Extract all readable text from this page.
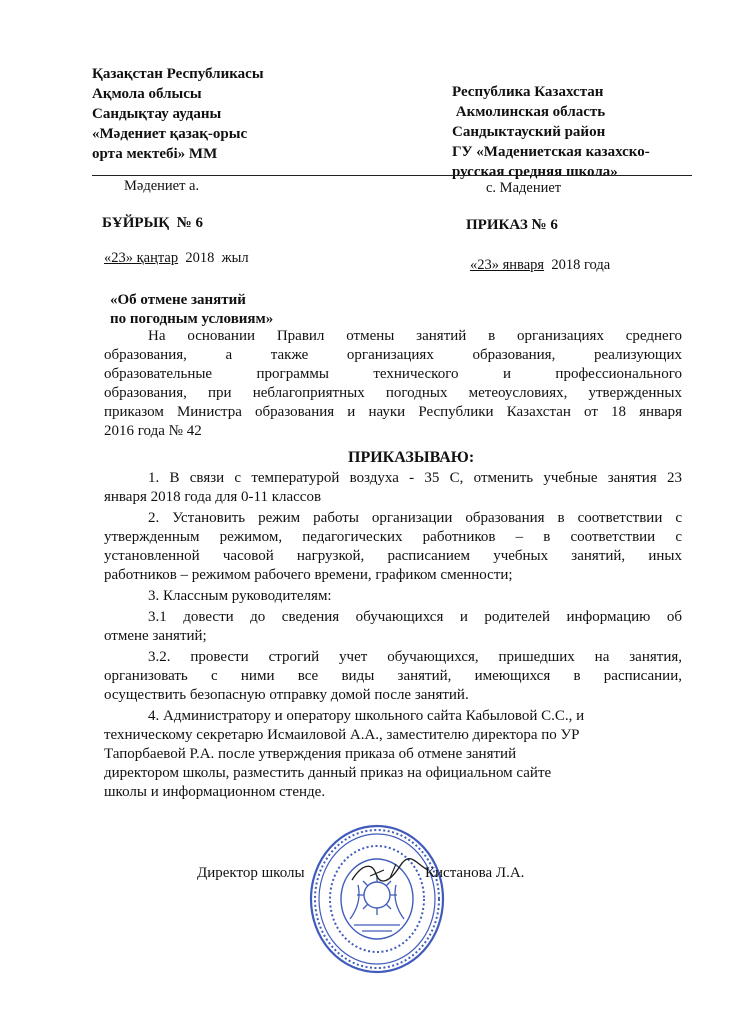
Қазақстан Республикасы
Ақмола облысы
Сандықтау ауданы
«Мәдениет қазақ-орыс
орта мектебі» ММ
Республика Казахстан
Акмолинская область
Сандыктауский район
ГУ «Мадениетская казахско-
русская средняя школа»
Мәдениет а.	с. Мадениет
БҰЙРЫҚ  № 6	ПРИКАЗ № 6
«23» қаңтар  2018  жыл	«23» января  2018 года
«Об отмене занятий
по погодным условиям»
На основании Правил отмены занятий в организациях среднего
образования, а также организациях образования, реализующих
образовательные программы технического и профессионального
образования, при неблагоприятных погодных метеоусловиях, утвержденных
приказом Министра образования и науки Республики Казахстан от 18 января
2016 года № 42
ПРИКАЗЫВАЮ:
1. В связи с температурой воздуха - 35 С, отменить учебные занятия 23
января 2018 года для 0-11 классов
2. Установить режим работы организации образования в соответствии с
утвержденным режимом, педагогических работников – в соответствии с
установленной часовой нагрузкой, расписанием учебных занятий, иных
работников – режимом рабочего времени, графиком сменности;
3. Классным руководителям:
3.1 довести до сведения обучающихся и родителей информацию об
отмене занятий;
3.2. провести строгий учет обучающихся, пришедших на занятия,
организовать с ними все виды занятий, имеющихся в расписании,
осуществить безопасную отправку домой после занятий.
4. Администратору и оператору школьного сайта Кабыловой С.С., и
техническому секретарю Исмаиловой А.А., заместителю директора по УР
Тапорбаевой Р.А. после утверждения приказа об отмене занятий
директором школы, разместить данный приказ на официальном сайте
школы и информационном стенде.
Директор школы	Кистанова Л.А.
